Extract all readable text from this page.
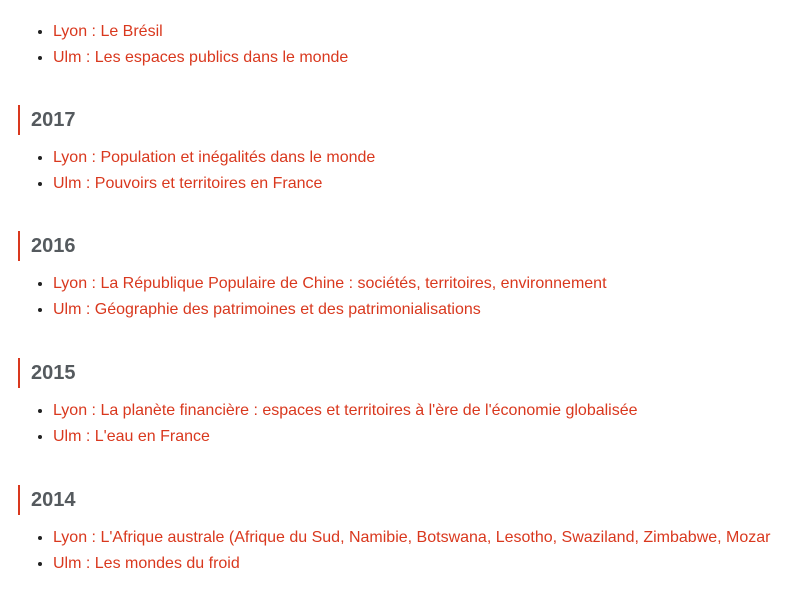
• Lyon : Le Brésil
• Ulm : Les espaces publics dans le monde
2017
• Lyon : Population et inégalités dans le monde
• Ulm : Pouvoirs et territoires en France
2016
• Lyon : La République Populaire de Chine : sociétés, territoires, environnement
• Ulm : Géographie des patrimoines et des patrimonialisations
2015
• Lyon : La planète financière : espaces et territoires à l'ère de l'économie globalisée
• Ulm : L'eau en France
2014
• Lyon : L'Afrique australe (Afrique du Sud, Namibie, Botswana, Lesotho, Swaziland, Zimbabwe, Mozar
• Ulm : Les mondes du froid
